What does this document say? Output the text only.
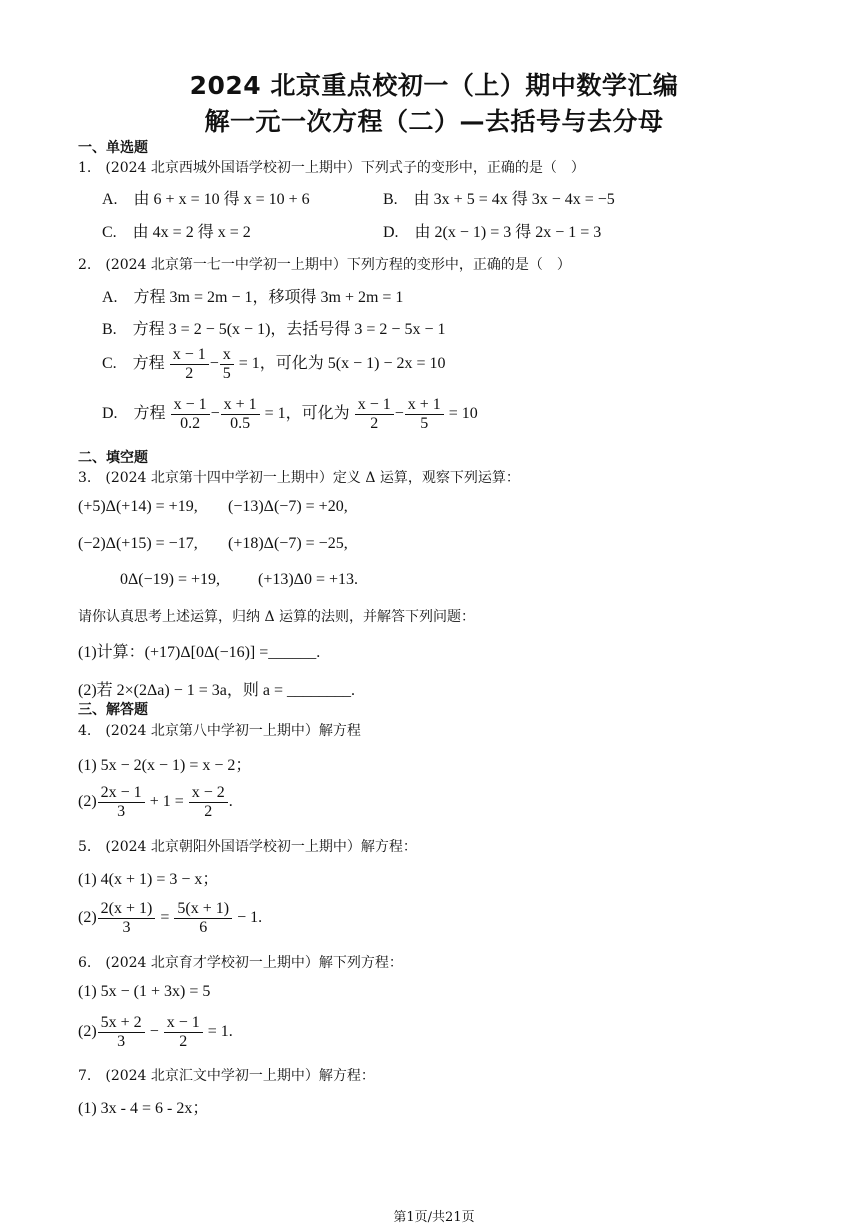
2024 北京重点校初一（上）期中数学汇编
解一元一次方程（二）—去括号与去分母
一、单选题
1.　(2024 北京西城外国语学校初一上期中）下列式子的变形中，正确的是（　）
A.　由 6 + x = 10 得 x = 10 + 6	B.　由 3x + 5 = 4x 得 3x − 4x = −5
C.　由 4x = 2 得 x = 2	D.　由 2(x − 1) = 3 得 2x − 1 = 3
2.　(2024 北京第一七一中学初一上期中）下列方程的变形中，正确的是（　）
A.　方程 3m = 2m − 1，移项得 3m + 2m = 1
B.　方程 3 = 2 − 5(x − 1)，去括号得 3 = 2 − 5x − 1
C.　方程 $\frac{x - 1}{2} - \frac{x}{5} = 1$，可化为 5(x − 1) − 2x = 10
D.　方程 $\frac{x - 1}{0.2} - \frac{x + 1}{0.5} = 1$，可化为 $\frac{x - 1}{2} - \frac{x + 1}{5} = 10$
二、填空题
3.　(2024 北京第十四中学初一上期中）定义 Δ 运算，观察下列运算：
(+5)Δ(+14) = +19, (−13)Δ(−7) = +20,
(−2)Δ(+15) = −17, (+18)Δ(−7) = −25,
0Δ(−19) = +19, (+13)Δ0 = +13.
请你认真思考上述运算，归纳 Δ 运算的法则，并解答下列问题：
(1)计算：(+17)Δ[0Δ(−16)] =______.
(2)若 2×(2Δa) − 1 = 3a，则 a = ________.
三、解答题
4.　(2024 北京第八中学初一上期中）解方程
(1) 5x − 2(x − 1) = x − 2；
$(2) \frac{2x - 1}{3} + 1 = \frac{x - 2}{2}$ .
5.　(2024 北京朝阳外国语学校初一上期中）解方程：
(1) 4(x + 1) = 3 − x；
$(2) \frac{2(x + 1)}{3} = \frac{5(x + 1)}{6} - 1$.
6.　(2024 北京育才学校初一上期中）解下列方程：
(1) 5x − (1 + 3x) = 5
$(2) \frac{5x + 2}{3} - \frac{x - 1}{2} = 1$.
7.　(2024 北京汇文中学初一上期中）解方程：
(1) 3x - 4 = 6 - 2x；
第1页/共21页
